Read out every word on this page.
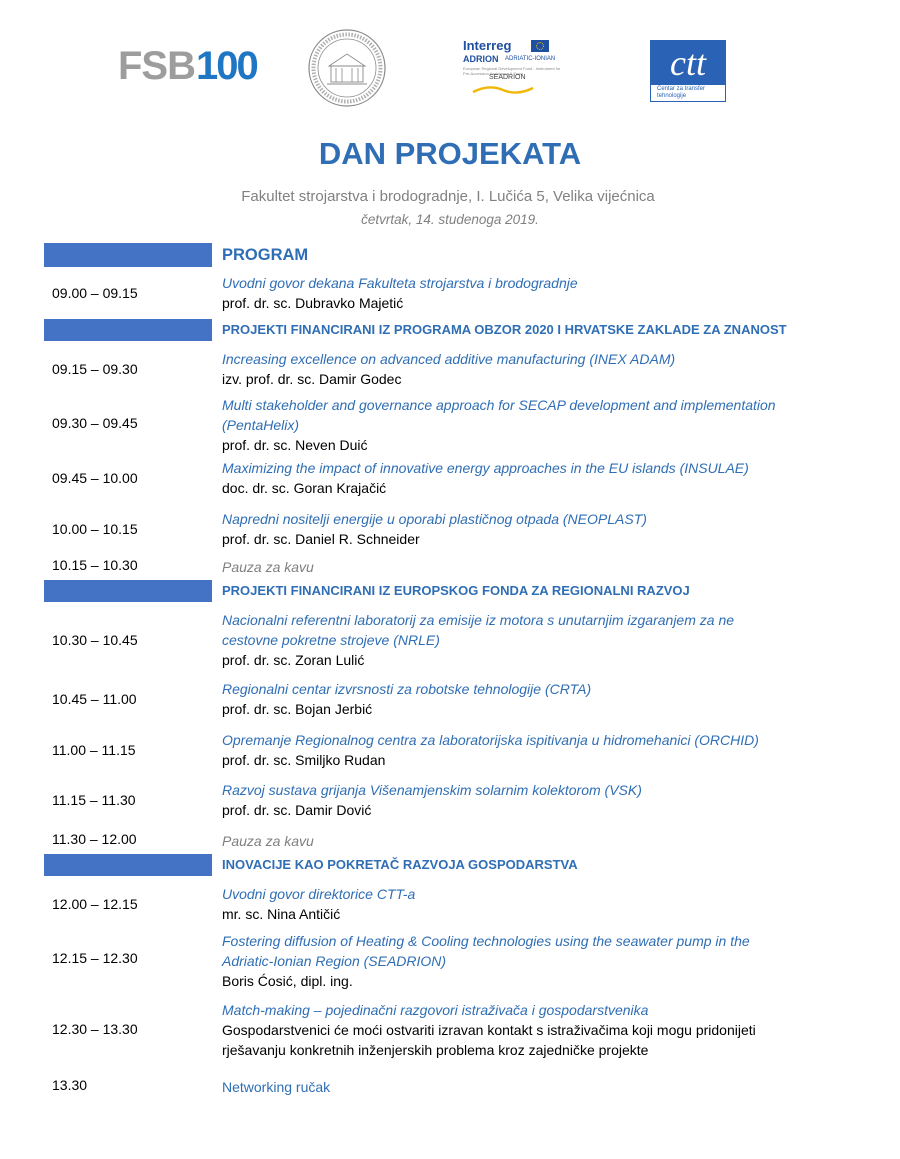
FSB 100	Interreg
ADRION ADRIATIC-IONIAN
European Regional Development Fund - Instrument for Pre-Accession Assistance II Fund
SEADRION	ctt
Centar za transfer tehnologije
DAN PROJEKATA
Fakultet strojarstva i brodogradnje, I. Lučića 5, Velika vijećnica
četvrtak, 14. studenoga 2019.
PROGRAM
09.00 – 09.15
Uvodni govor dekana Fakulteta strojarstva i brodogradnje
prof. dr. sc. Dubravko Majetić
PROJEKTI FINANCIRANI IZ PROGRAMA OBZOR 2020 I HRVATSKE ZAKLADE ZA ZNANOST
09.15 – 09.30
Increasing excellence on advanced additive manufacturing (INEX ADAM)
izv. prof. dr. sc. Damir Godec
09.30 – 09.45
Multi stakeholder and governance approach for SECAP development and implementation (PentaHelix)
prof. dr. sc. Neven Duić
09.45 – 10.00
Maximizing the impact of innovative energy approaches in the EU islands (INSULAE)
doc. dr. sc. Goran Krajačić
10.00 – 10.15
Napredni nositelji energije u oporabi plastičnog otpada (NEOPLAST)
prof. dr. sc. Daniel R. Schneider
10.15 – 10.30	Pauza za kavu
PROJEKTI FINANCIRANI IZ EUROPSKOG FONDA ZA REGIONALNI RAZVOJ
10.30 – 10.45
Nacionalni referentni laboratorij za emisije iz motora s unutarnjim izgaranjem za ne cestovne pokretne strojeve (NRLE)
prof. dr. sc. Zoran Lulić
10.45 – 11.00
Regionalni centar izvrsnosti za robotske tehnologije (CRTA)
prof. dr. sc. Bojan Jerbić
11.00 – 11.15
Opremanje Regionalnog centra za laboratorijska ispitivanja u hidromehanici (ORCHID)
prof. dr. sc. Smiljko Rudan
11.15 – 11.30
Razvoj sustava grijanja Višenamjenskim solarnim kolektorom (VSK)
prof. dr. sc. Damir Dović
11.30 – 12.00	Pauza za kavu
INOVACIJE KAO POKRETAČ RAZVOJA GOSPODARSTVA
12.00 – 12.15
Uvodni govor direktorice CTT-a
mr. sc. Nina Antičić
12.15 – 12.30
Fostering diffusion of Heating & Cooling technologies using the seawater pump in the Adriatic-Ionian Region (SEADRION)
Boris Ćosić, dipl. ing.
12.30 – 13.30
Match-making – pojedinačni razgovori istraživača i gospodarstvenika
Gospodarstvenici će moći ostvariti izravan kontakt s istraživačima koji mogu pridonijeti rješavanju konkretnih inženjerskih problema kroz zajedničke projekte
13.30	Networking ručak
